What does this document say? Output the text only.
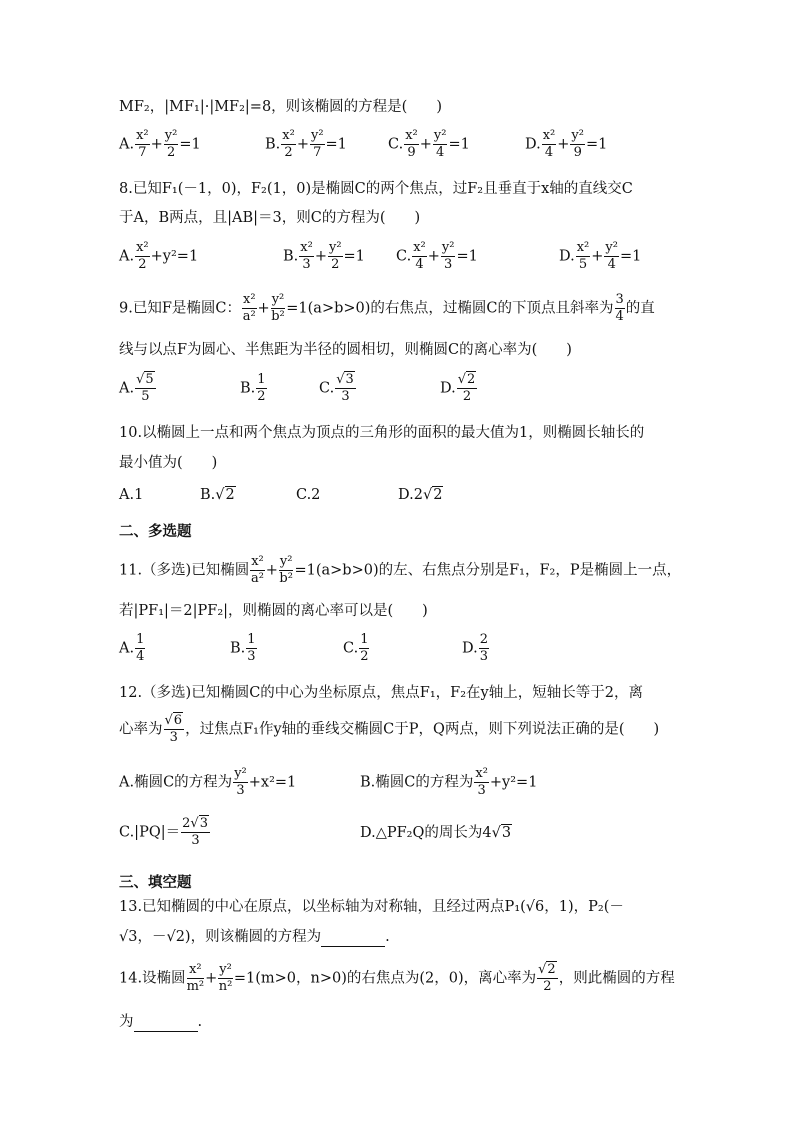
MF₂，|MF₁|·|MF₂|=8，则该椭圆的方程是(　　)
A. $\frac{\text{x²}}{7} + \frac{\text{y²}}{2} =1$	B. $\frac{\text{x²}}{2} + \frac{\text{y²}}{7} =1$	C. $\frac{\text{x²}}{9} + \frac{\text{y²}}{4} =1$	D. $\frac{\text{x²}}{4} + \frac{\text{y²}}{9} =1$
8.已知F₁(－1，0)，F₂(1，0)是椭圆C的两个焦点，过F₂且垂直于x轴的直线交C
于A，B两点，且|AB|＝3，则C的方程为(　　)
A. $\frac{\text{x²}}{2} +y^2=1$	B. $\frac{\text{x²}}{3} + \frac{\text{y²}}{2} =1$ C. $\frac{\text{x²}}{4} + \frac{\text{y²}}{3} =1$	D. $\frac{\text{x²}}{5} + \frac{\text{y²}}{4} =1$
9.已知F是椭圆C： $\frac{\text{x²}}{\text{a²}} + \frac{\text{y²}}{\text{b²}} =1(a>b>0)$的右焦点，过椭圆C的下顶点且斜率为 $\frac{3}{4}$ 的直
线与以点F为圆心、半焦距为半径的圆相切，则椭圆C的离心率为(　　)
A. $\frac{√5}{5}$	B. $\frac{1}{2}$	C. $\frac{√3}{3}$	D. $\frac{√2}{2}$
10.以椭圆上一点和两个焦点为顶点的三角形的面积的最大值为1，则椭圆长轴长的
最小值为(　　)
A.1	B.√2	C.2	D.2√2
二、多选题
11.（多选)已知椭圆 $\frac{\text{x²}}{\text{a²}} + \frac{\text{y²}}{\text{b²}} =1(a>b>0)$的左、右焦点分别是F₁，F₂，P是椭圆上一点，
若|PF₁|＝2|PF₂|，则椭圆的离心率可以是(　　)
A. $\frac{1}{4}$	B. $\frac{1}{3}$	C. $\frac{1}{2}$	D. $\frac{2}{3}$
12.（多选)已知椭圆C的中心为坐标原点，焦点F₁，F₂在y轴上，短轴长等于2，离
心率为 $\frac{√6}{3}$ ，过焦点F₁作y轴的垂线交椭圆C于P，Q两点，则下列说法正确的是(　　)
A.椭圆C的方程为 $\frac{\text{y²}}{3} +x^2=1$	B.椭圆C的方程为 $\frac{\text{x²}}{3} +y^2=1$
$C.|PQ|= \frac{2√3}{3}$	D.△PF₂Q的周长为4√3
三、填空题
13.已知椭圆的中心在原点，以坐标轴为对称轴，且经过两点P₁(√6，1)，P₂(－
√3，－√2)，则该椭圆的方程为	.
14.设椭圆 $\frac{\text{x²}}{\text{m²}} + \frac{\text{y²}}{\text{n²}} =1(m>0$，n>0)的右焦点为(2，0)，离心率为 $\frac{√2}{2}$ ，则此椭圆的方程
为	.
